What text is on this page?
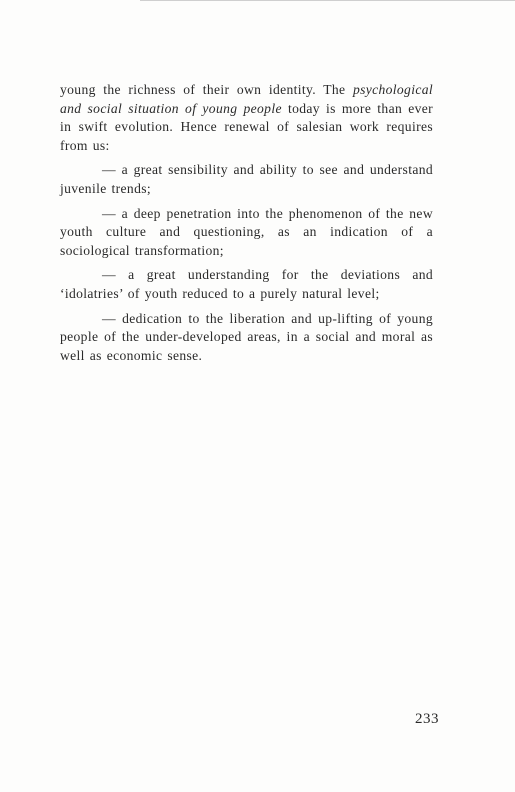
young the richness of their own identity. The psychological and social situation of young people today is more than ever in swift evolution. Hence renewal of salesian work requires from us:

— a great sensibility and ability to see and understand juvenile trends;

— a deep penetration into the phenomenon of the new youth culture and questioning, as an indication of a sociological transformation;

— a great understanding for the deviations and ‘idolatries’ of youth reduced to a purely natural level;

— dedication to the liberation and up-lifting of young people of the under-developed areas, in a social and moral as well as economic sense.

233
